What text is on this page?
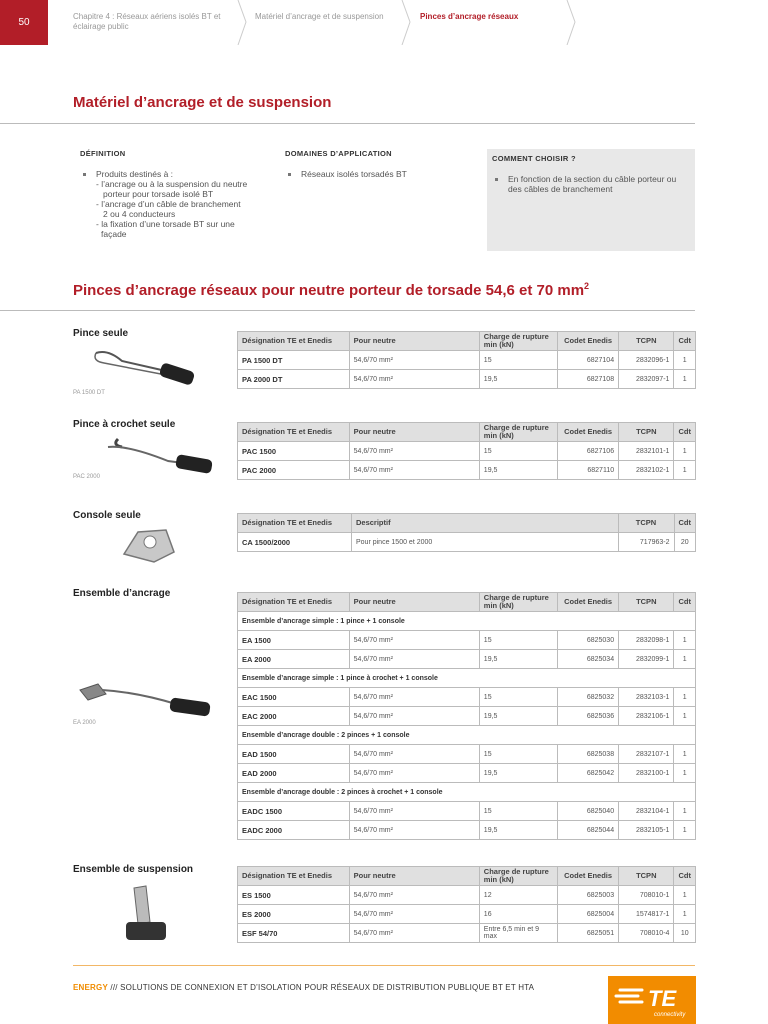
50
Chapitre 4 : Réseaux aériens isolés BT et éclairage public
Matériel d’ancrage et de suspension	Pinces d’ancrage réseaux
Matériel d’ancrage et de suspension
DÉFINITION
Produits destinés à :
- l’ancrage ou à la suspension du neutre
porteur pour torsade isolé BT
- l’ancrage d’un câble de branchement
2 ou 4 conducteurs
- la fixation d’une torsade BT sur une
façade
DOMAINES D’APPLICATION
Réseaux isolés torsadés BT
COMMENT CHOISIR ?
En fonction de la section du câble porteur ou des câbles de branchement
Pinces d’ancrage réseaux pour neutre porteur de torsade 54,6 et 70 $mm^2$
Pince seule
PA 1500 DT
Désignation TE et Enedis	Pour neutre	Charge de rupture min (kN)	Codet Enedis	TCPN	Cdt
PA 1500 DT	54,6/70 mm²	15	6827104	2832096-1	1
PA 2000 DT	54,6/70 mm²	19,5	6827108	2832097-1	1
Pince à crochet seule
PAC 2000
Désignation TE et Enedis	Pour neutre	Charge de rupture min (kN)	Codet Enedis	TCPN	Cdt
PAC 1500	54,6/70 mm²	15	6827106	2832101-1	1
PAC 2000	54,6/70 mm²	19,5	6827110	2832102-1	1
Console seule
Désignation TE et Enedis	Descriptif	TCPN	Cdt
CA 1500/2000	Pour pince 1500 et 2000	717963-2	20
Ensemble d’ancrage
EA 2000
Désignation TE et Enedis	Pour neutre	Charge de rupture min (kN)	Codet Enedis	TCPN	Cdt
Ensemble d’ancrage simple : 1 pince + 1 console					
EA 1500	54,6/70 mm²	15	6825030	2832098-1	1
EA 2000	54,6/70 mm²	19,5	6825034	2832099-1	1
Ensemble d’ancrage simple : 1 pince à crochet + 1 console					
EAC 1500	54,6/70 mm²	15	6825032	2832103-1	1
EAC 2000	54,6/70 mm²	19,5	6825036	2832106-1	1
Ensemble d’ancrage double : 2 pinces + 1 console					
EAD 1500	54,6/70 mm²	15	6825038	2832107-1	1
EAD 2000	54,6/70 mm²	19,5	6825042	2832100-1	1
Ensemble d’ancrage double : 2 pinces à crochet + 1 console					
EADC 1500	54,6/70 mm²	15	6825040	2832104-1	1
EADC 2000	54,6/70 mm²	19,5	6825044	2832105-1	1
Ensemble de suspension
Désignation TE et Enedis	Pour neutre	Charge de rupture min (kN)	Codet Enedis	TCPN	Cdt
ES 1500	54,6/70 mm²	12	6825003	708010-1	1
ES 2000	54,6/70 mm²	16	6825004	1574817-1	1
ESF 54/70	54,6/70 mm²	Entre 6,5 min et 9 max	6825051	708010-4	10
ENERGY /// SOLUTIONS DE CONNEXION ET D’ISOLATION POUR RÉSEAUX DE DISTRIBUTION PUBLIQUE BT ET HTA	TE
connectivity
